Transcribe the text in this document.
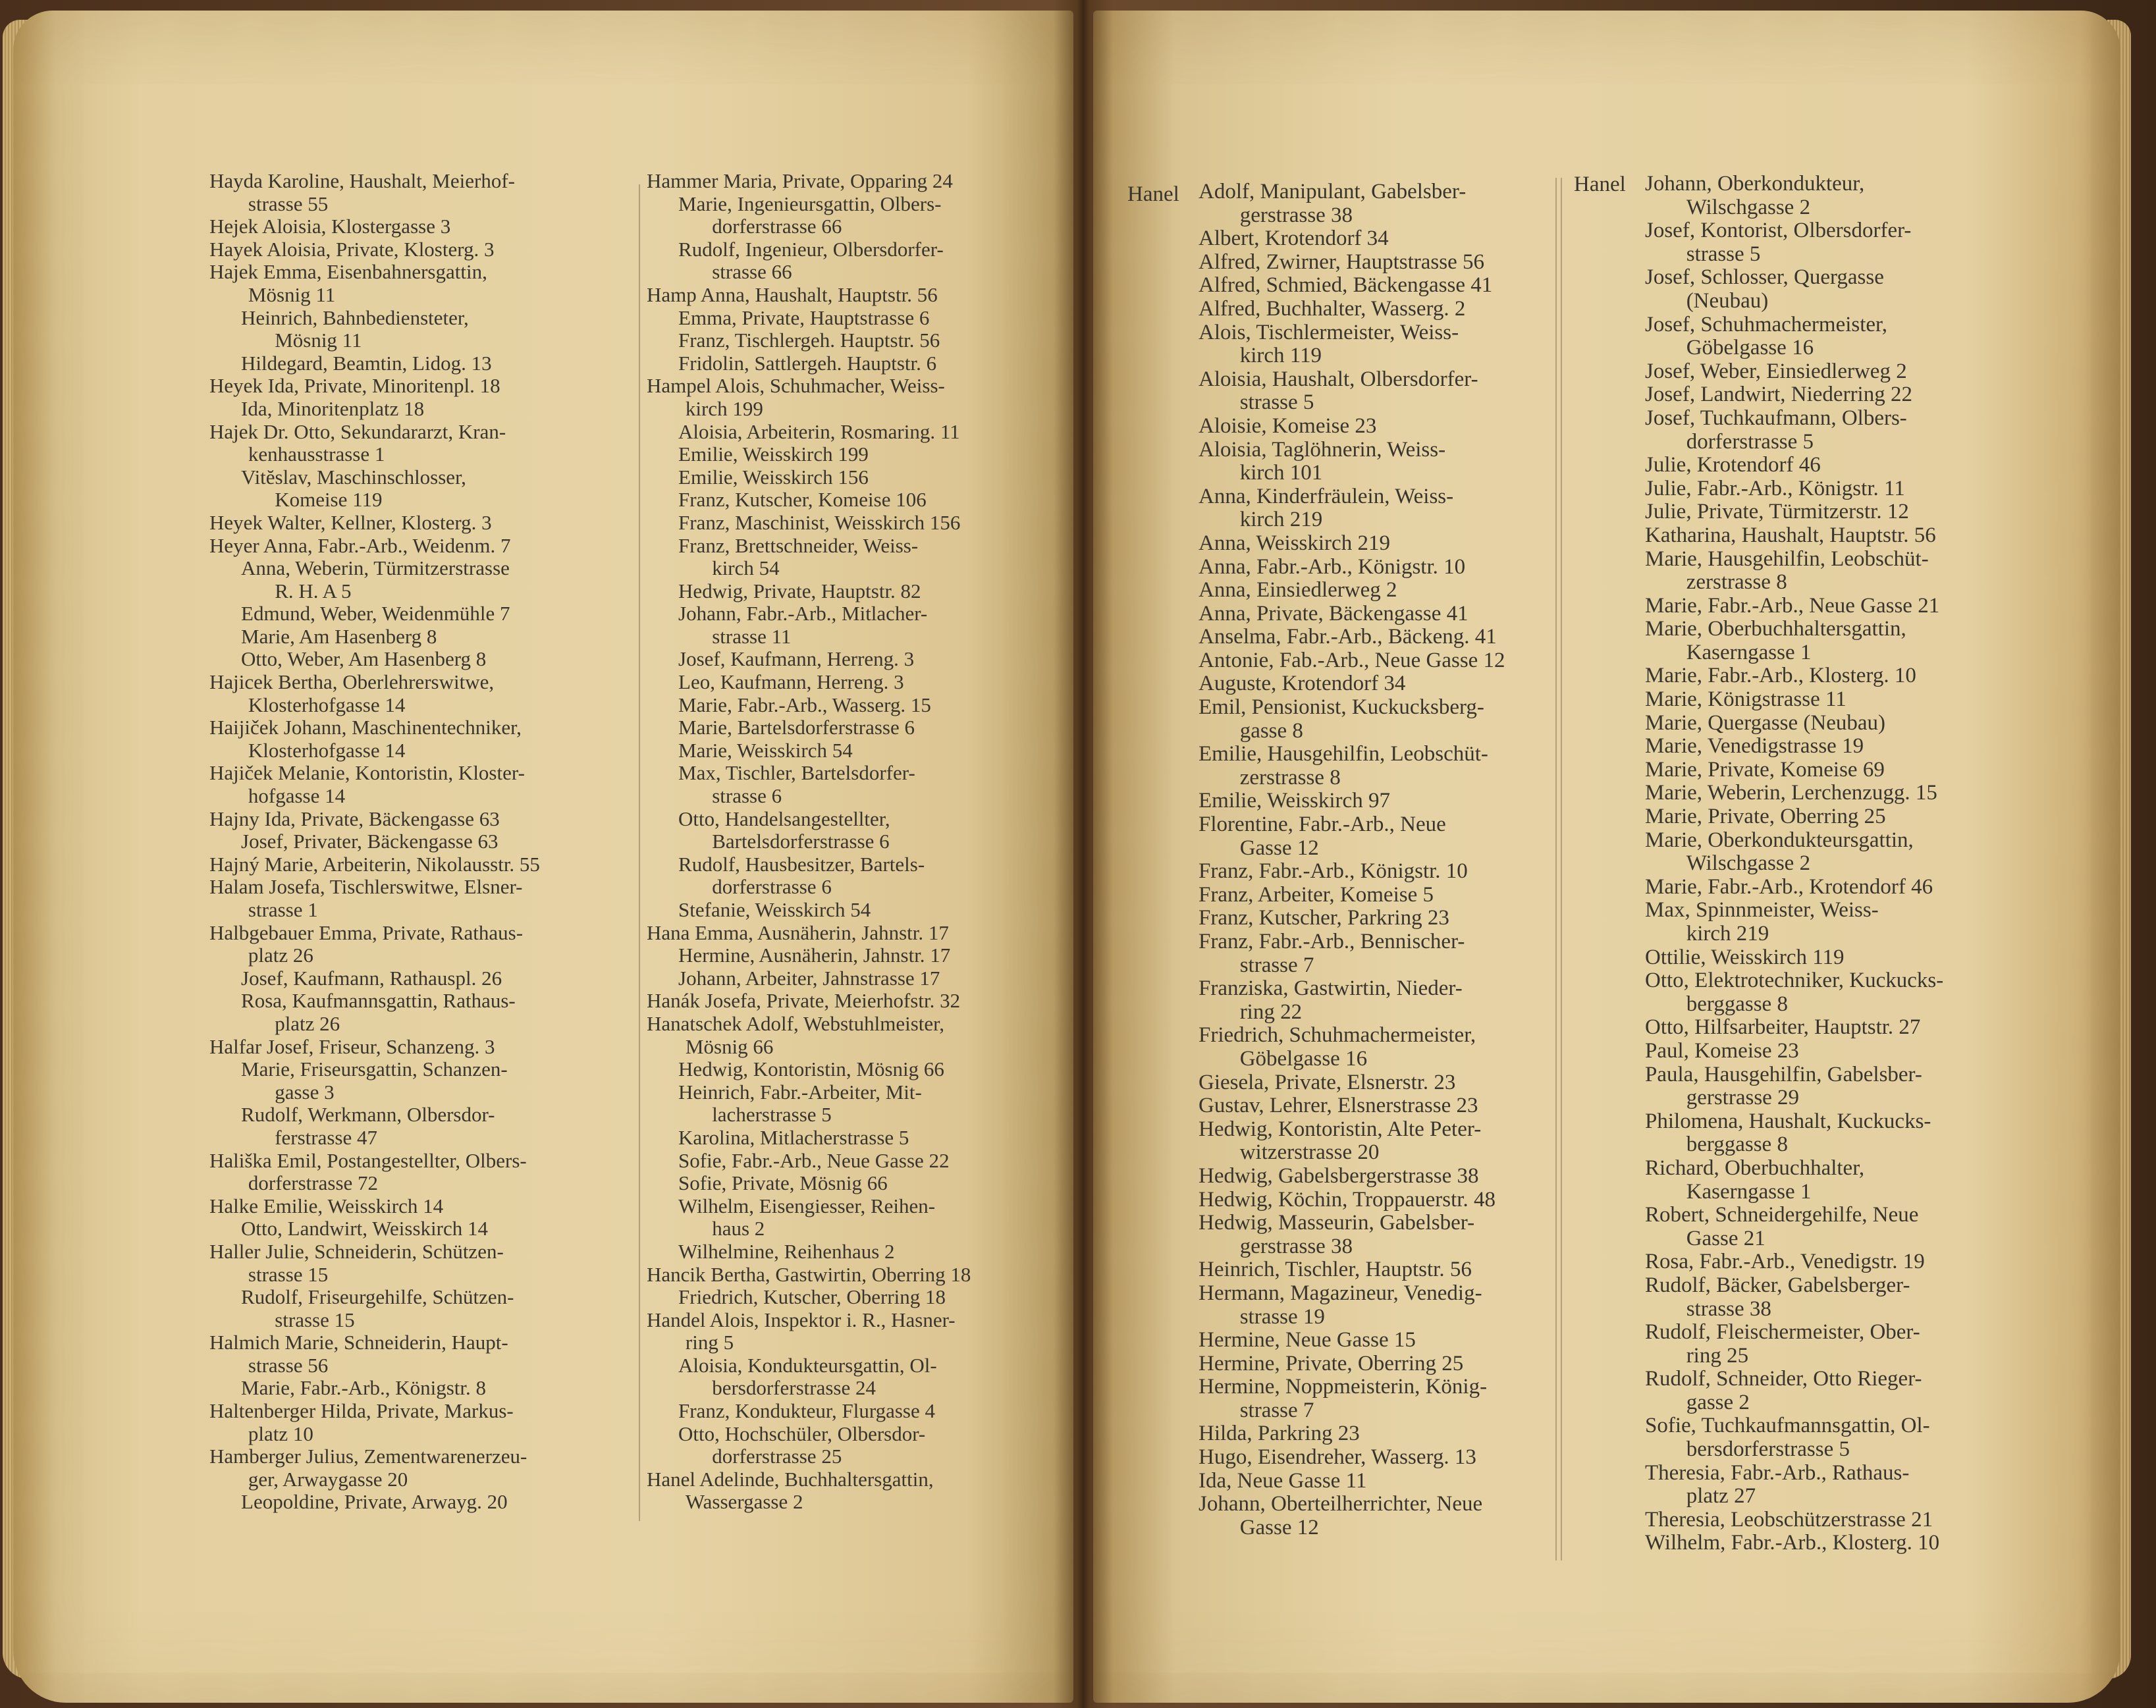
Hayda Karoline, Haushalt, Meierhof-
strasse 55
Hejek Aloisia, Klostergasse 3
Hayek Aloisia, Private, Klosterg. 3
Hajek Emma, Eisenbahnersgattin,
Mösnig 11
Heinrich, Bahnbediensteter,
Mösnig 11
Hildegard, Beamtin, Lidog. 13
Heyek Ida, Private, Minoritenpl. 18
Ida, Minoritenplatz 18
Hajek Dr. Otto, Sekundararzt, Kran-
kenhausstrasse 1
Vitĕslav, Maschinschlosser,
Komeise 119
Heyek Walter, Kellner, Klosterg. 3
Heyer Anna, Fabr.-Arb., Weidenm. 7
Anna, Weberin, Türmitzerstrasse
R. H. A 5
Edmund, Weber, Weidenmühle 7
Marie, Am Hasenberg 8
Otto, Weber, Am Hasenberg 8
Hajicek Bertha, Oberlehrerswitwe,
Klosterhofgasse 14
Haijiček Johann, Maschinentechniker,
Klosterhofgasse 14
Hajiček Melanie, Kontoristin, Kloster-
hofgasse 14
Hajny Ida, Private, Bäckengasse 63
Josef, Privater, Bäckengasse 63
Hajný Marie, Arbeiterin, Nikolausstr. 55
Halam Josefa, Tischlerswitwe, Elsner-
strasse 1
Halbgebauer Emma, Private, Rathaus-
platz 26
Josef, Kaufmann, Rathauspl. 26
Rosa, Kaufmannsgattin, Rathaus-
platz 26
Halfar Josef, Friseur, Schanzeng. 3
Marie, Friseursgattin, Schanzen-
gasse 3
Rudolf, Werkmann, Olbersdor-
ferstrasse 47
Hališka Emil, Postangestellter, Olbers-
dorferstrasse 72
Halke Emilie, Weisskirch 14
Otto, Landwirt, Weisskirch 14
Haller Julie, Schneiderin, Schützen-
strasse 15
Rudolf, Friseurgehilfe, Schützen-
strasse 15
Halmich Marie, Schneiderin, Haupt-
strasse 56
Marie, Fabr.-Arb., Königstr. 8
Haltenberger Hilda, Private, Markus-
platz 10
Hamberger Julius, Zementwarenerzeu-
ger, Arwaygasse 20
Leopoldine, Private, Arwayg. 20
Hammer Maria, Private, Opparing 24
Marie, Ingenieursgattin, Olbers-
dorferstrasse 66
Rudolf, Ingenieur, Olbersdorfer-
strasse 66
Hamp Anna, Haushalt, Hauptstr. 56
Emma, Private, Hauptstrasse 6
Franz, Tischlergeh. Hauptstr. 56
Fridolin, Sattlergeh. Hauptstr. 6
Hampel Alois, Schuhmacher, Weiss-
kirch 199
Aloisia, Arbeiterin, Rosmaring. 11
Emilie, Weisskirch 199
Emilie, Weisskirch 156
Franz, Kutscher, Komeise 106
Franz, Maschinist, Weisskirch 156
Franz, Brettschneider, Weiss-
kirch 54
Hedwig, Private, Hauptstr. 82
Johann, Fabr.-Arb., Mitlacher-
strasse 11
Josef, Kaufmann, Herreng. 3
Leo, Kaufmann, Herreng. 3
Marie, Fabr.-Arb., Wasserg. 15
Marie, Bartelsdorferstrasse 6
Marie, Weisskirch 54
Max, Tischler, Bartelsdorfer-
strasse 6
Otto, Handelsangestellter,
Bartelsdorferstrasse 6
Rudolf, Hausbesitzer, Bartels-
dorferstrasse 6
Stefanie, Weisskirch 54
Hana Emma, Ausnäherin, Jahnstr. 17
Hermine, Ausnäherin, Jahnstr. 17
Johann, Arbeiter, Jahnstrasse 17
Hanák Josefa, Private, Meierhofstr. 32
Hanatschek Adolf, Webstuhlmeister,
Mösnig 66
Hedwig, Kontoristin, Mösnig 66
Heinrich, Fabr.-Arbeiter, Mit-
lacherstrasse 5
Karolina, Mitlacherstrasse 5
Sofie, Fabr.-Arb., Neue Gasse 22
Sofie, Private, Mösnig 66
Wilhelm, Eisengiesser, Reihen-
haus 2
Wilhelmine, Reihenhaus 2
Hancik Bertha, Gastwirtin, Oberring 18
Friedrich, Kutscher, Oberring 18
Handel Alois, Inspektor i. R., Hasner-
ring 5
Aloisia, Kondukteursgattin, Ol-
bersdorferstrasse 24
Franz, Kondukteur, Flurgasse 4
Otto, Hochschüler, Olbersdor-
dorferstrasse 25
Hanel Adelinde, Buchhaltersgattin,
Wassergasse 2
Hanel Adolf, Manipulant, Gabelsber-
gerstrasse 38
Albert, Krotendorf 34
Alfred, Zwirner, Hauptstrasse 56
Alfred, Schmied, Bäckengasse 41
Alfred, Buchhalter, Wasserg. 2
Alois, Tischlermeister, Weiss-
kirch 119
Aloisia, Haushalt, Olbersdorfer-
strasse 5
Aloisie, Komeise 23
Aloisia, Taglöhnerin, Weiss-
kirch 101
Anna, Kinderfräulein, Weiss-
kirch 219
Anna, Weisskirch 219
Anna, Fabr.-Arb., Königstr. 10
Anna, Einsiedlerweg 2
Anna, Private, Bäckengasse 41
Anselma, Fabr.-Arb., Bäckeng. 41
Antonie, Fab.-Arb., Neue Gasse 12
Auguste, Krotendorf 34
Emil, Pensionist, Kuckucksberg-
gasse 8
Emilie, Hausgehilfin, Leobschüt-
zerstrasse 8
Emilie, Weisskirch 97
Florentine, Fabr.-Arb., Neue
Gasse 12
Franz, Fabr.-Arb., Königstr. 10
Franz, Arbeiter, Komeise 5
Franz, Kutscher, Parkring 23
Franz, Fabr.-Arb., Bennischer-
strasse 7
Franziska, Gastwirtin, Nieder-
ring 22
Friedrich, Schuhmachermeister,
Göbelgasse 16
Giesela, Private, Elsnerstr. 23
Gustav, Lehrer, Elsnerstrasse 23
Hedwig, Kontoristin, Alte Peter-
witzerstrasse 20
Hedwig, Gabelsbergerstrasse 38
Hedwig, Köchin, Troppauerstr. 48
Hedwig, Masseurin, Gabelsber-
gerstrasse 38
Heinrich, Tischler, Hauptstr. 56
Hermann, Magazineur, Venedig-
strasse 19
Hermine, Neue Gasse 15
Hermine, Private, Oberring 25
Hermine, Noppmeisterin, König-
strasse 7
Hilda, Parkring 23
Hugo, Eisendreher, Wasserg. 13
Ida, Neue Gasse 11
Johann, Oberteilherrichter, Neue
Gasse 12
Hanel Johann, Oberkondukteur,
Wilschgasse 2
Josef, Kontorist, Olbersdorfer-
strasse 5
Josef, Schlosser, Quergasse
(Neubau)
Josef, Schuhmachermeister,
Göbelgasse 16
Josef, Weber, Einsiedlerweg 2
Josef, Landwirt, Niederring 22
Josef, Tuchkaufmann, Olbers-
dorferstrasse 5
Julie, Krotendorf 46
Julie, Fabr.-Arb., Königstr. 11
Julie, Private, Türmitzerstr. 12
Katharina, Haushalt, Hauptstr. 56
Marie, Hausgehilfin, Leobschüt-
zerstrasse 8
Marie, Fabr.-Arb., Neue Gasse 21
Marie, Oberbuchhaltersgattin,
Kaserngasse 1
Marie, Fabr.-Arb., Klosterg. 10
Marie, Königstrasse 11
Marie, Quergasse (Neubau)
Marie, Venedigstrasse 19
Marie, Private, Komeise 69
Marie, Weberin, Lerchenzugg. 15
Marie, Private, Oberring 25
Marie, Oberkondukteursgattin,
Wilschgasse 2
Marie, Fabr.-Arb., Krotendorf 46
Max, Spinnmeister, Weiss-
kirch 219
Ottilie, Weisskirch 119
Otto, Elektrotechniker, Kuckucks-
berggasse 8
Otto, Hilfsarbeiter, Hauptstr. 27
Paul, Komeise 23
Paula, Hausgehilfin, Gabelsber-
gerstrasse 29
Philomena, Haushalt, Kuckucks-
berggasse 8
Richard, Oberbuchhalter,
Kaserngasse 1
Robert, Schneidergehilfe, Neue
Gasse 21
Rosa, Fabr.-Arb., Venedigstr. 19
Rudolf, Bäcker, Gabelsberger-
strasse 38
Rudolf, Fleischermeister, Ober-
ring 25
Rudolf, Schneider, Otto Rieger-
gasse 2
Sofie, Tuchkaufmannsgattin, Ol-
bersdorferstrasse 5
Theresia, Fabr.-Arb., Rathaus-
platz 27
Theresia, Leobschützerstrasse 21
Wilhelm, Fabr.-Arb., Klosterg. 10
